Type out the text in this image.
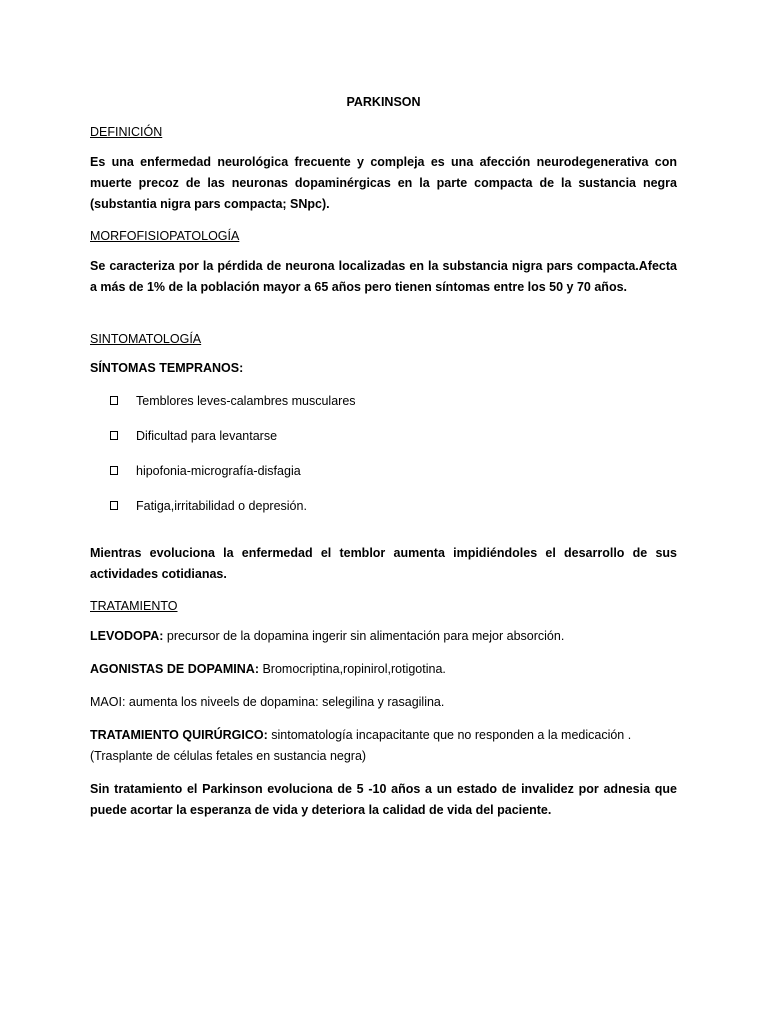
PARKINSON
DEFINICIÓN
Es una enfermedad neurológica frecuente y compleja es una afección neurodegenerativa con muerte precoz de las neuronas dopaminérgicas en la parte compacta de la sustancia negra (substantia nigra pars compacta; SNpc).
MORFOFISIOPATOLOGÍA
Se caracteriza por la pérdida de neurona localizadas en la substancia nigra pars compacta.Afecta a más de 1% de la población mayor a 65 años pero tienen síntomas entre los 50 y 70 años.
SINTOMATOLOGÍA
SÍNTOMAS TEMPRANOS:
Temblores leves-calambres musculares
Dificultad para levantarse
hipofonia-micrografía-disfagia
Fatiga,irritabilidad o depresión.
Mientras evoluciona la enfermedad el temblor aumenta impidiéndoles el desarrollo de sus actividades cotidianas.
TRATAMIENTO
LEVODOPA: precursor de la dopamina ingerir sin alimentación para mejor absorción.
AGONISTAS DE DOPAMINA: Bromocriptina,ropinirol,rotigotina.
MAOI: aumenta los niveels de dopamina: selegilina y rasagilina.
TRATAMIENTO QUIRÚRGICO: sintomatología incapacitante que no responden a la medicación .
(Trasplante de células fetales en sustancia negra)
Sin tratamiento el Parkinson evoluciona de 5 -10 años a un estado de invalidez por adnesia que puede acortar la esperanza de vida y deteriora la calidad de vida del paciente.
